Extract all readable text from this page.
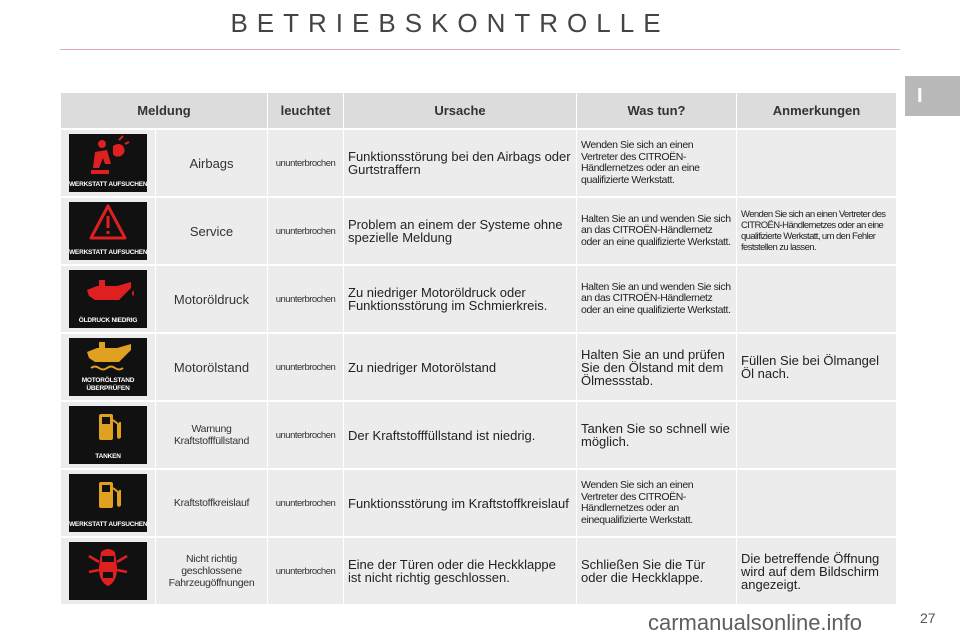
BETRIEBSKONTROLLE
I
Meldung		leuchtet	Ursache	Was tun?	Anmerkungen

WERKSTATT AUFSUCHEN	Airbags	ununterbrochen	Funktionsstörung bei den Airbags oder Gurtstraffern	Wenden Sie sich an einen Vertreter des CITROËN-Händlernetzes oder an eine qualifizierte Werkstatt.	

WERKSTATT AUFSUCHEN	Service	ununterbrochen	Problem an einem der Systeme ohne spezielle Meldung	Halten Sie an und wenden Sie sich an das CITROËN-Händlernetz oder an eine qualifizierte Werkstatt.	Wenden Sie sich an einen Vertreter des CITROËN-Händlernetzes oder an eine qualifizierte Werkstatt, um den Fehler feststellen zu lassen.

ÖLDRUCK NIEDRIG	Motoröldruck	ununterbrochen	Zu niedriger Motoröldruck oder Funktionsstörung im Schmierkreis.	Halten Sie an und wenden Sie sich an das CITROËN-Händlernetz oder an eine qualifizierte Werkstatt.	

MOTORÖLSTAND ÜBERPRÜFEN	Motorölstand	ununterbrochen	Zu niedriger Motorölstand	Halten Sie an und prüfen Sie den Ölstand mit dem Ölmessstab.	Füllen Sie bei Ölmangel Öl nach.

TANKEN	Warnung Kraftstofffüllstand	ununterbrochen	Der Kraftstofffüllstand ist niedrig.	Tanken Sie so schnell wie möglich.	

WERKSTATT AUFSUCHEN	Kraftstoffkreislauf	ununterbrochen	Funktionsstörung im Kraftstoffkreislauf	Wenden Sie sich an einen Vertreter des CITROËN-Händlernetzes oder an einequalifizierte Werkstatt.	

	Nicht richtig geschlossene Fahrzeugöffnungen	ununterbrochen	Eine der Türen oder die Heckklappe ist nicht richtig geschlossen.	Schließen Sie die Tür oder die Heckklappe.	Die betreffende Öffnung wird auf dem Bildschirm angezeigt.
carmanualsonline.info	27
